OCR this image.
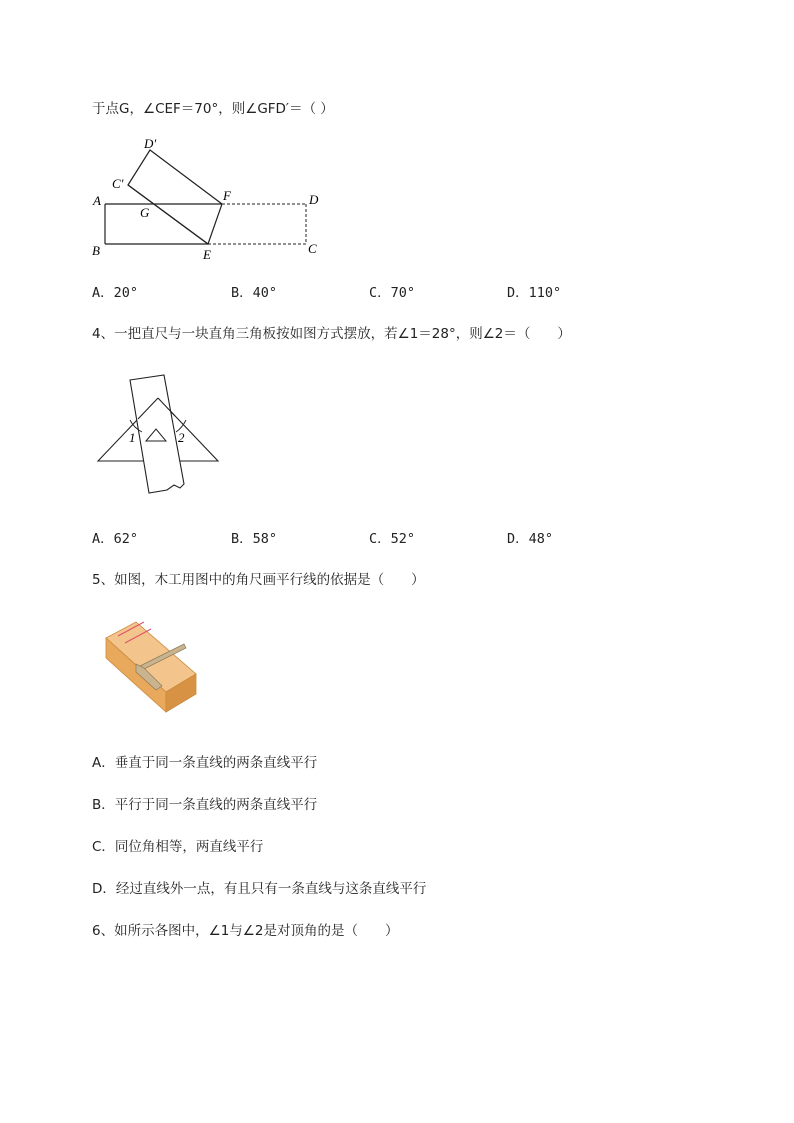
于点G，∠CEF＝70°，则∠GFD′＝（ ）
D′
C′
A
G
F	D
B	E	C
A．20°	B．40°	C．70°	D．110°
4、一把直尺与一块直角三角板按如图方式摆放，若∠1＝28°，则∠2＝（　　）
1	2
A．62°	B．58°	C．52°	D．48°
5、如图，木工用图中的角尺画平行线的依据是（　　）
A．垂直于同一条直线的两条直线平行
B．平行于同一条直线的两条直线平行
C．同位角相等，两直线平行
D．经过直线外一点，有且只有一条直线与这条直线平行
6、如所示各图中，∠1与∠2是对顶角的是（　　）
